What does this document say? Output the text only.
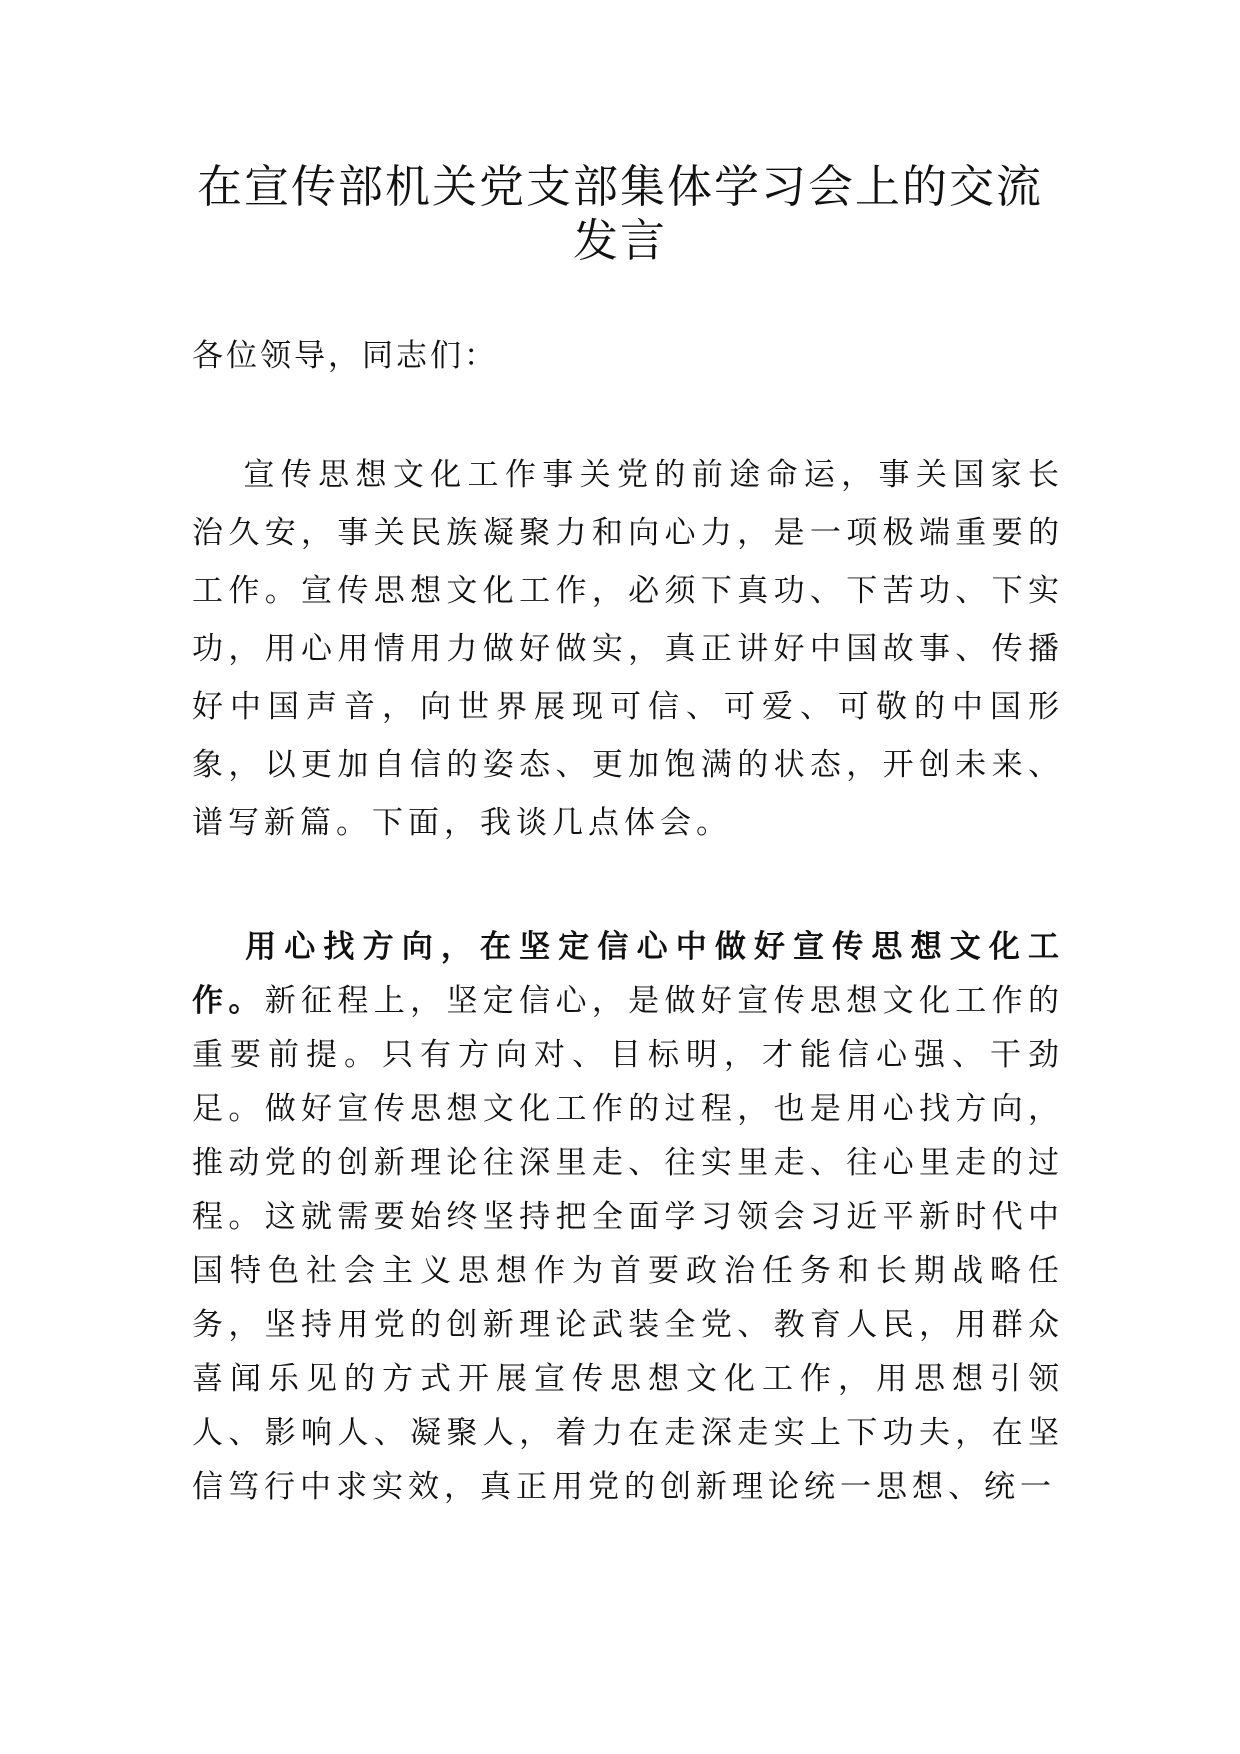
在宣传部机关党支部集体学习会上的交流发言

各位领导，同志们：

宣传思想文化工作事关党的前途命运，事关国家长治久安，事关民族凝聚力和向心力，是一项极端重要的工作。宣传思想文化工作，必须下真功、下苦功、下实功，用心用情用力做好做实，真正讲好中国故事、传播好中国声音，向世界展现可信、可爱、可敬的中国形象，以更加自信的姿态、更加饱满的状态，开创未来、谱写新篇。下面，我谈几点体会。

用心找方向，在坚定信心中做好宣传思想文化工作。新征程上，坚定信心，是做好宣传思想文化工作的重要前提。只有方向对、目标明，才能信心强、干劲足。做好宣传思想文化工作的过程，也是用心找方向，推动党的创新理论往深里走、往实里走、往心里走的过程。这就需要始终坚持把全面学习领会习近平新时代中国特色社会主义思想作为首要政治任务和长期战略任务，坚持用党的创新理论武装全党、教育人民，用群众喜闻乐见的方式开展宣传思想文化工作，用思想引领人、影响人、凝聚人，着力在走深走实上下功夫，在坚信笃行中求实效，真正用党的创新理论统一思想、统一
